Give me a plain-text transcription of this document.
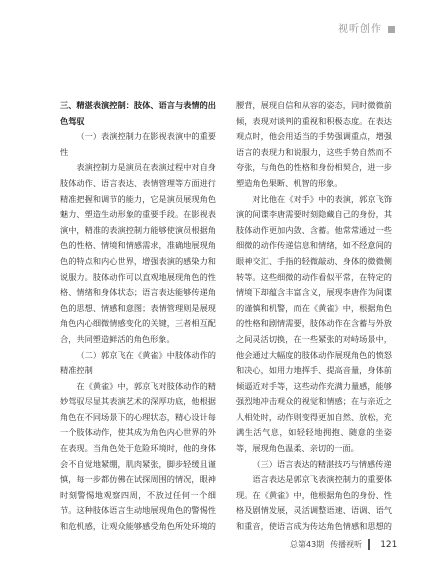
视听创作

三、精湛表演控制：肢体、语言与表情的出色驾驭

（一）表演控制力在影视表演中的重要性

表演控制力是演员在表演过程中对自身肢体动作、语言表达、表情管理等方面进行精准把握和调节的能力，它是演员展现角色魅力、塑造生动形象的重要手段。在影视表演中，精准的表演控制力能够使演员根据角色的性格、情境和情感需求，准确地展现角色的特点和内心世界，增强表演的感染力和说服力。肢体动作可以直观地展现角色的性格、情绪和身体状态；语言表达能够传递角色的思想、情感和意图；表情管理则是展现角色内心细微情感变化的关键，三者相互配合，共同塑造鲜活的角色形象。

（二）郭京飞在《黄雀》中肢体动作的精准控制

在《黄雀》中，郭京飞对肢体动作的精妙驾驭尽显其表演艺术的深厚功底，他根据角色在不同场景下的心理状态，精心设计每一个肢体动作，使其成为角色内心世界的外在表现。当角色处于危险环境时，他的身体会不自觉地紧绷，肌肉紧张，脚步轻缓且谨慎，每一步都仿佛在试探周围的情况，眼神时刻警惕地观察四周，不放过任何一个细节。这种肢体语言生动地展现角色的警惕性和危机感，让观众能够感受角色所处环境的

腰背，展现自信和从容的姿态，同时微微前倾，表现对谈判的重视和积极态度。在表达观点时，他会用适当的手势强调重点，增强语言的表现力和说服力，这些手势自然而不夸张，与角色的性格和身份相契合，进一步塑造角色果断、机智的形象。

对比他在《对手》中的表演，郭京飞饰演的间谍李唐需要时刻隐藏自己的身份，其肢体动作更加内敛、含蓄。他常常通过一些细微的动作传递信息和情绪，如不经意间的眼神交汇、手指的轻微敲动、身体的微微侧转等。这些细微的动作看似平常，在特定的情境下却蕴含丰富含义，展现李唐作为间谍的谨慎和机警，而在《黄雀》中，根据角色的性格和剧情需要，肢体动作在含蓄与外放之间灵活切换，在一些紧张的对峙场景中，他会通过大幅度的肢体动作展现角色的愤怒和决心，如用力地挥手、提高音量，身体前倾逼近对手等，这些动作充满力量感，能够强烈地冲击观众的视觉和情感；在与亲近之人相处时，动作则变得更加自然、放松，充满生活气息，如轻轻地拥抱、随意的坐姿等，展现角色温柔、亲切的一面。

（三）语言表达的精湛技巧与情感传递

语言表达是郭京飞表演控制力的重要体现。在《黄雀》中，他根据角色的身份、性格及剧情发展，灵活调整语速、语调、语气和重音，使语言成为传达角色情感和思想的

总第43期 传播视听 121
